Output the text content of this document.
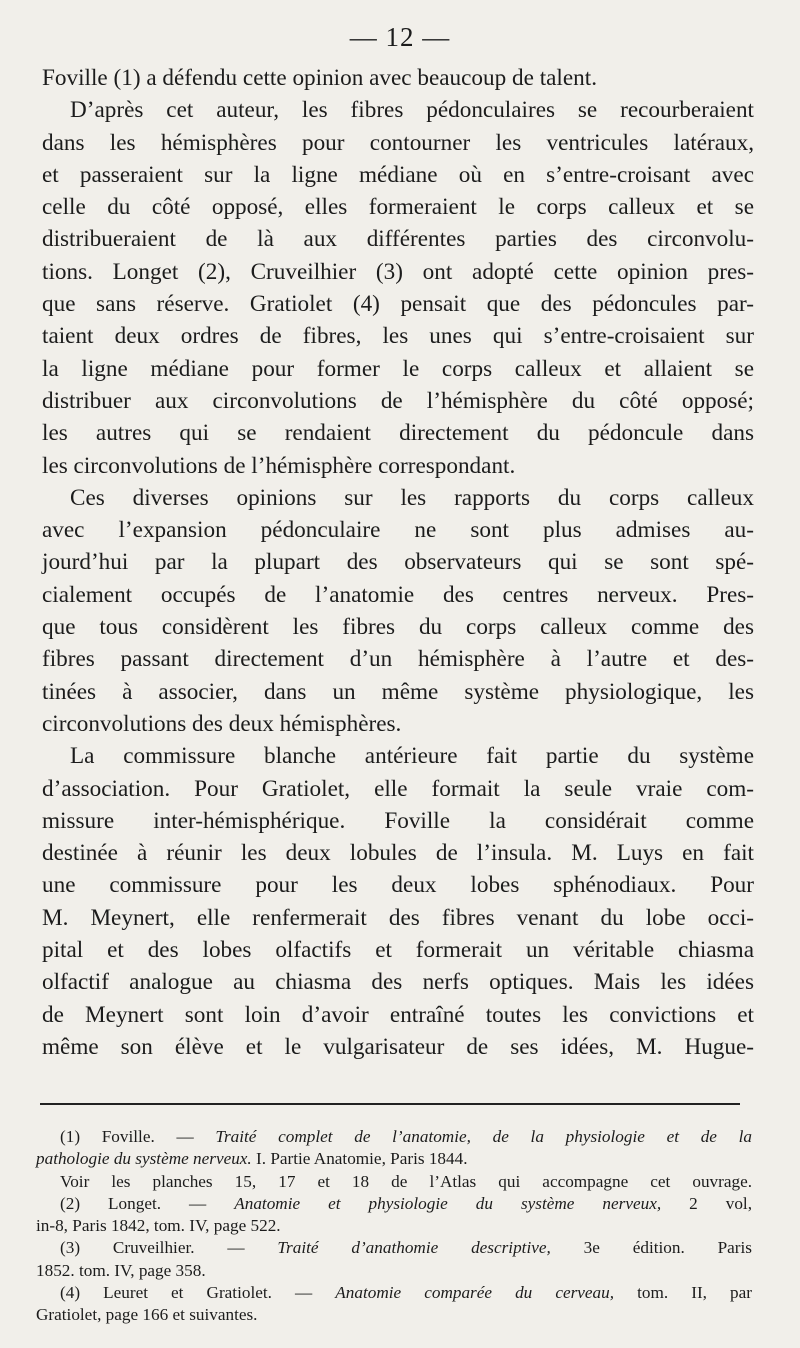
— 12 —
Foville (1) a défendu cette opinion avec beaucoup de talent.
D’après cet auteur, les fibres pédonculaires se recourberaient
dans les hémisphères pour contourner les ventricules latéraux,
et passeraient sur la ligne médiane où en s’entre-croisant avec
celle du côté opposé, elles formeraient le corps calleux et se
distribueraient de là aux différentes parties des circonvolu-
tions. Longet (2), Cruveilhier (3) ont adopté cette opinion pres-
que sans réserve. Gratiolet (4) pensait que des pédoncules par-
taient deux ordres de fibres, les unes qui s’entre-croisaient sur
la ligne médiane pour former le corps calleux et allaient se
distribuer aux circonvolutions de l’hémisphère du côté opposé;
les autres qui se rendaient directement du pédoncule dans
les circonvolutions de l’hémisphère correspondant.
Ces diverses opinions sur les rapports du corps calleux
avec l’expansion pédonculaire ne sont plus admises au-
jourd’hui par la plupart des observateurs qui se sont spé-
cialement occupés de l’anatomie des centres nerveux. Pres-
que tous considèrent les fibres du corps calleux comme des
fibres passant directement d’un hémisphère à l’autre et des-
tinées à associer, dans un même système physiologique, les
circonvolutions des deux hémisphères.
La commissure blanche antérieure fait partie du système
d’association. Pour Gratiolet, elle formait la seule vraie com-
missure inter-hémisphérique. Foville la considérait comme
destinée à réunir les deux lobules de l’insula. M. Luys en fait
une commissure pour les deux lobes sphénodiaux. Pour
M. Meynert, elle renfermerait des fibres venant du lobe occi-
pital et des lobes olfactifs et formerait un véritable chiasma
olfactif analogue au chiasma des nerfs optiques. Mais les idées
de Meynert sont loin d’avoir entraîné toutes les convictions et
même son élève et le vulgarisateur de ses idées, M. Hugue-
(1) Foville. — Traité complet de l’anatomie, de la physiologie et de la
pathologie du système nerveux. I. Partie Anatomie, Paris 1844.
Voir les planches 15, 17 et 18 de l’Atlas qui accompagne cet ouvrage.
(2) Longet. — Anatomie et physiologie du système nerveux, 2 vol,
in-8, Paris 1842, tom. IV, page 522.
(3) Cruveilhier. — Traité d’anathomie descriptive, 3e édition. Paris
1852. tom. IV, page 358.
(4) Leuret et Gratiolet. — Anatomie comparée du cerveau, tom. II, par
Gratiolet, page 166 et suivantes.
